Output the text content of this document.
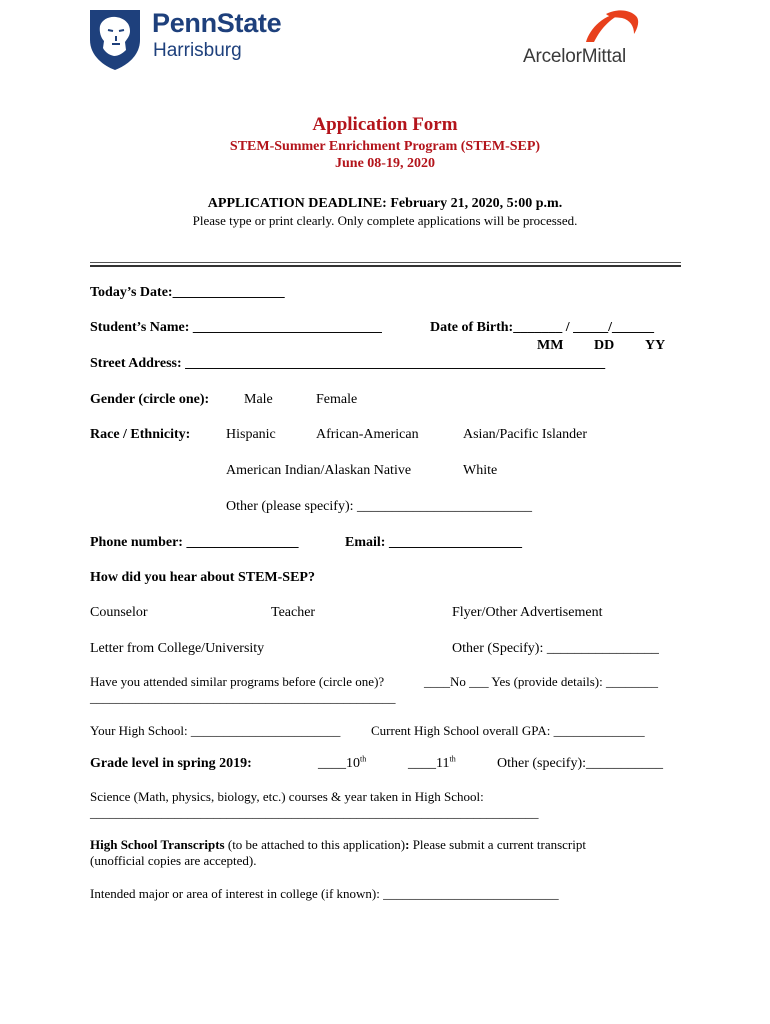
PennState
Harrisburg	ArcelorMittal
Application Form
STEM-Summer Enrichment Program (STEM-SEP)
June 08-19, 2020
APPLICATION DEADLINE: February 21, 2020, 5:00 p.m.
Please type or print clearly. Only complete applications will be processed.
Today’s Date:________________
Student’s Name: ___________________________	Date of Birth:_______ / _____/______
MM DD YY
Street Address: ____________________________________________________________
Gender (circle one): Male	Female
Race / Ethnicity:	Hispanic	African-American	Asian/Pacific Islander
American Indian/Alaskan Native	White
Other (please specify): _________________________
Phone number: ________________	Email: ___________________
How did you hear about STEM-SEP?
Counselor	Teacher	Flyer/Other Advertisement
Letter from College/University	Other (Specify): ________________
Have you attended similar programs before (circle one)?	____No ___ Yes (provide details): ________
_______________________________________________
Your High School: _______________________ Current High School overall GPA: ______________
Grade level in spring 2019:	____10th	____11th	Other (specify):___________
Science (Math, physics, biology, etc.) courses & year taken in High School:
_____________________________________________________________________
High School Transcripts (to be attached to this application): Please submit a current transcript
(unofficial copies are accepted).
Intended major or area of interest in college (if known): ___________________________
